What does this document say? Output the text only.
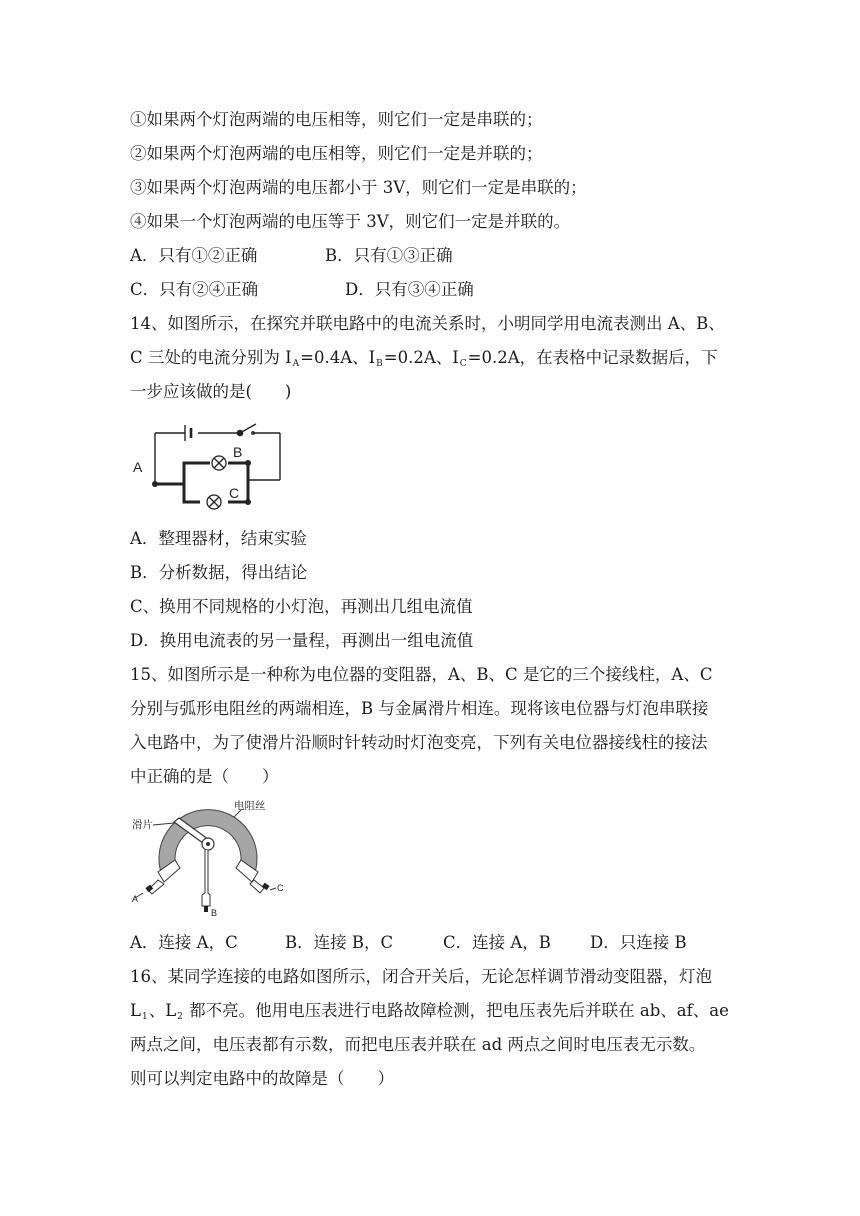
①如果两个灯泡两端的电压相等，则它们一定是串联的；
②如果两个灯泡两端的电压相等，则它们一定是并联的；
③如果两个灯泡两端的电压都小于 3V，则它们一定是串联的；
④如果一个灯泡两端的电压等于 3V，则它们一定是并联的。
A．只有①②正确	B．只有①③正确
C．只有②④正确	D．只有③④正确
14、如图所示，在探究并联电路中的电流关系时，小明同学用电流表测出 A、B、
C 三处的电流分别为 $I_A=0.4A$、$I_B=0.2A$、$I_C=0.2A$，在表格中记录数据后，下
一步应该做的是(　　)
A
B
C
A．整理器材，结束实验
B．分析数据，得出结论
C、换用不同规格的小灯泡，再测出几组电流值
D．换用电流表的另一量程，再测出一组电流值
15、如图所示是一种称为电位器的变阻器，A、B、C 是它的三个接线柱，A、C
分别与弧形电阻丝的两端相连，B 与金属滑片相连。现将该电位器与灯泡串联接
入电路中，为了使滑片沿顺时针转动时灯泡变亮，下列有关电位器接线柱的接法
中正确的是（　　）
电阻丝
滑片
A
B
C
A．连接 A，C	B．连接 B，C	C．连接 A，B D．只连接 B
16、某同学连接的电路如图所示，闭合开关后，无论怎样调节滑动变阻器，灯泡
$L_1$、$L_2$ 都不亮。他用电压表进行电路故障检测，把电压表先后并联在 ab、af、ae
两点之间，电压表都有示数，而把电压表并联在 ad 两点之间时电压表无示数。
则可以判定电路中的故障是（　　）
